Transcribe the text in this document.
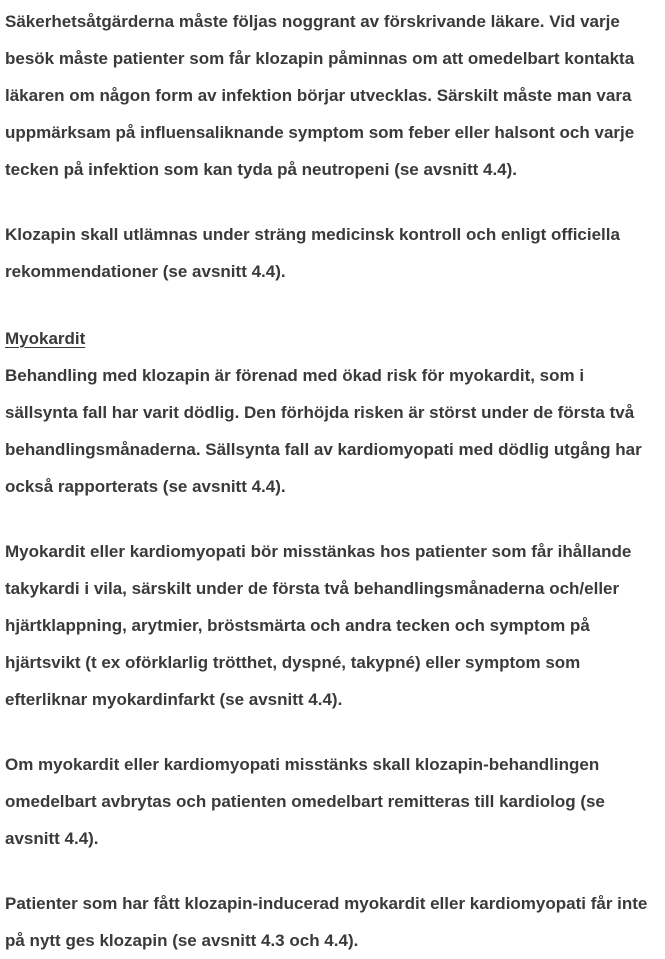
Säkerhetsåtgärderna måste följas noggrant av förskrivande läkare. Vid varje besök måste patienter som får klozapin påminnas om att omedelbart kontakta läkaren om någon form av infektion börjar utvecklas. Särskilt måste man vara uppmärksam på influensaliknande symptom som feber eller halsont och varje tecken på infektion som kan tyda på neutropeni (se avsnitt 4.4).

Klozapin skall utlämnas under sträng medicinsk kontroll och enligt officiella rekommendationer (se avsnitt 4.4).

Myokardit

Behandling med klozapin är förenad med ökad risk för myokardit, som i sällsynta fall har varit dödlig. Den förhöjda risken är störst under de första två behandlingsmånaderna. Sällsynta fall av kardiomyopati med dödlig utgång har också rapporterats (se avsnitt 4.4).

Myokardit eller kardiomyopati bör misstänkas hos patienter som får ihållande takykardi i vila, särskilt under de första två behandlingsmånaderna och/eller hjärtklappning, arytmier, bröstsmärta och andra tecken och symptom på hjärtsvikt (t ex oförklarlig trötthet, dyspné, takypné) eller symptom som efterliknar myokardinfarkt (se avsnitt 4.4).

Om myokardit eller kardiomyopati misstänks skall klozapin-behandlingen omedelbart avbrytas och patienten omedelbart remitteras till kardiolog (se avsnitt 4.4).

Patienter som har fått klozapin-inducerad myokardit eller kardiomyopati får inte på nytt ges klozapin (se avsnitt 4.3 och 4.4).
